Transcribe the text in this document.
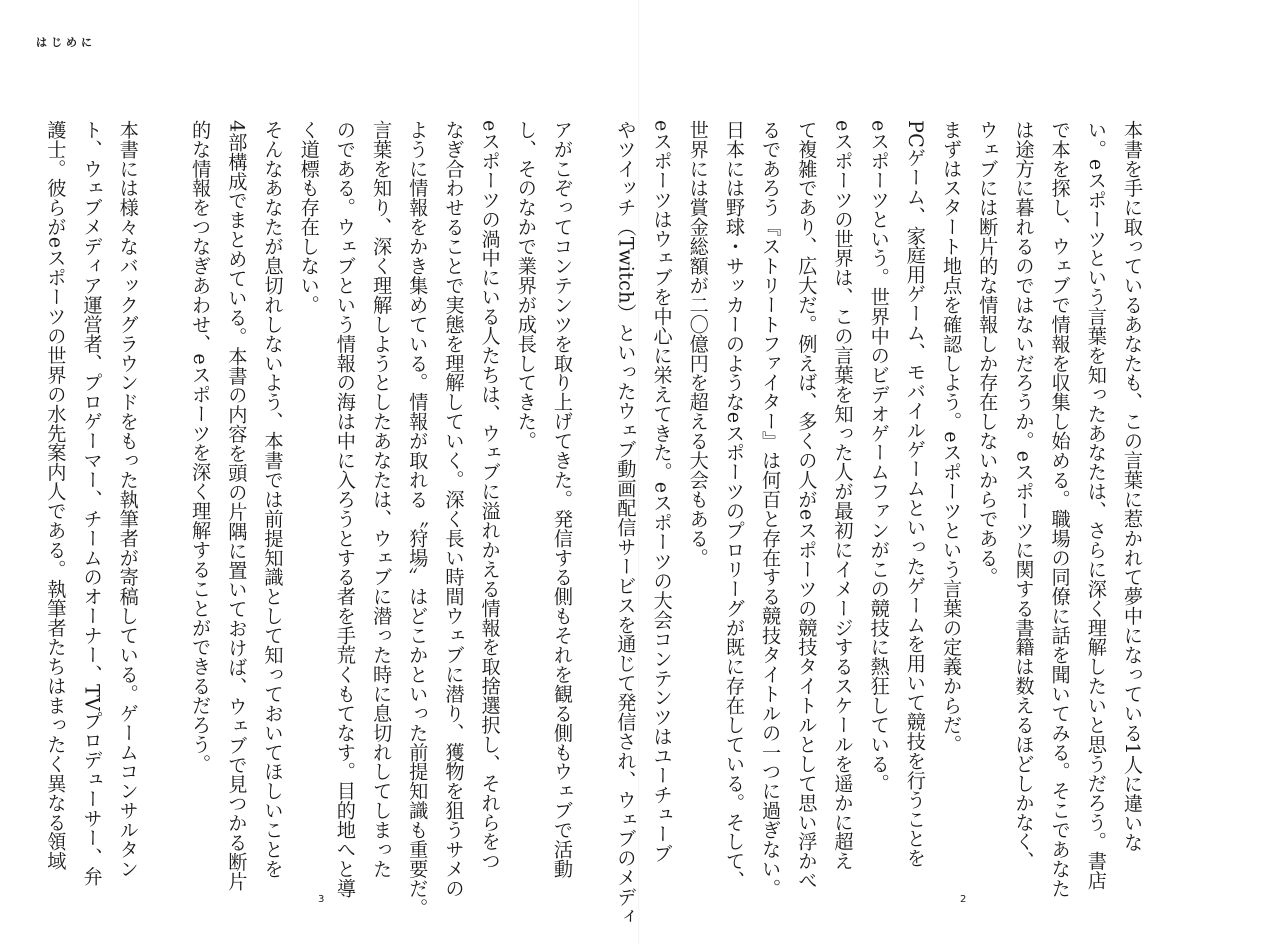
はじめに
本書を手に取っているあなたも、この言葉に惹かれて夢中になっている1人に違いな
い。eスポーツという言葉を知ったあなたは、さらに深く理解したいと思うだろう。書店
で本を探し、ウェブで情報を収集し始める。職場の同僚に話を聞いてみる。そこであなた
は途方に暮れるのではないだろうか。eスポーツに関する書籍は数えるほどしかなく、
ウェブには断片的な情報しか存在しないからである。
まずはスタート地点を確認しよう。eスポーツという言葉の定義からだ。
PCゲーム、家庭用ゲーム、モバイルゲームといったゲームを用いて競技を行うことを
eスポーツという。世界中のビデオゲームファンがこの競技に熱狂している。
eスポーツの世界は、この言葉を知った人が最初にイメージするスケールを遥かに超え
て複雑であり、広大だ。例えば、多くの人がeスポーツの競技タイトルとして思い浮かべ
るであろう『ストリートファイター』は何百と存在する競技タイトルの一つに過ぎない。
日本には野球・サッカーのようなeスポーツのプロリーグが既に存在している。そして、
世界には賞金総額が二〇億円を超える大会もある。
eスポーツはウェブを中心に栄えてきた。eスポーツの大会コンテンツはユーチューブ
やツイッチ（Twitch）といったウェブ動画配信サービスを通じて発信され、ウェブのメディ
アがこぞってコンテンツを取り上げてきた。発信する側もそれを観る側もウェブで活動
し、そのなかで業界が成長してきた。
eスポーツの渦中にいる人たちは、ウェブに溢れかえる情報を取捨選択し、それらをつ
なぎ合わせることで実態を理解していく。深く長い時間ウェブに潜り、獲物を狙うサメの
ように情報をかき集めている。情報が取れる〝狩場〟はどこかといった前提知識も重要だ。
言葉を知り、深く理解しようとしたあなたは、ウェブに潜った時に息切れしてしまった
のである。ウェブという情報の海は中に入ろうとする者を手荒くもてなす。目的地へと導
く道標も存在しない。
そんなあなたが息切れしないよう、本書では前提知識として知っておいてほしいことを
4部構成でまとめている。本書の内容を頭の片隅に置いておけば、ウェブで見つかる断片
的な情報をつなぎあわせ、eスポーツを深く理解することができるだろう。
本書には様々なバックグラウンドをもった執筆者が寄稿している。ゲームコンサルタン
ト、ウェブメディア運営者、プロゲーマー、チームのオーナー、TVプロデューサー、弁
護士。彼らがeスポーツの世界の水先案内人である。執筆者たちはまったく異なる領域
3	2
